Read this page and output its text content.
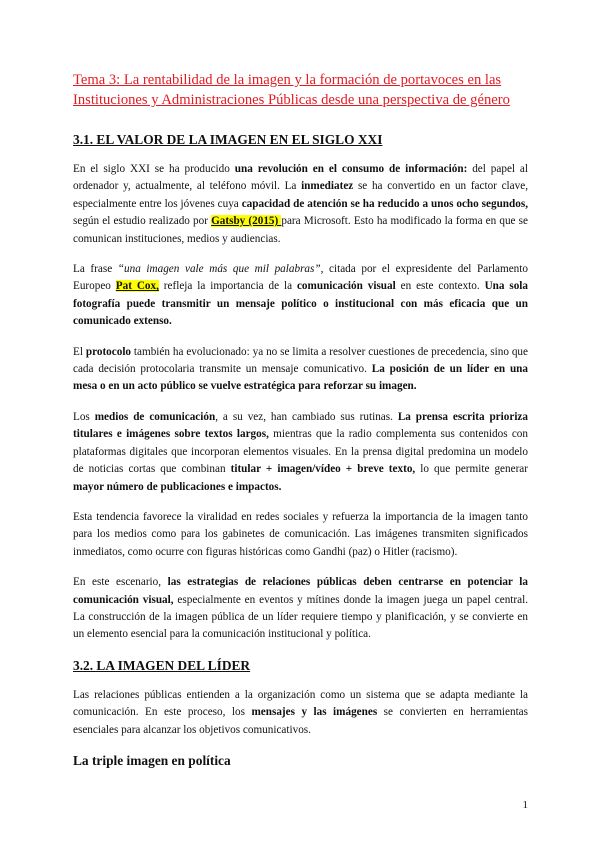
Tema 3: La rentabilidad de la imagen y la formación de portavoces en las Instituciones y Administraciones Públicas desde una perspectiva de género
3.1. EL VALOR DE LA IMAGEN EN EL SIGLO XXI

En el siglo XXI se ha producido una revolución en el consumo de información: del papel al ordenador y, actualmente, al teléfono móvil. La inmediatez se ha convertido en un factor clave, especialmente entre los jóvenes cuya capacidad de atención se ha reducido a unos ocho segundos, según el estudio realizado por Gatsby (2015) para Microsoft. Esto ha modificado la forma en que se comunican instituciones, medios y audiencias.

La frase “una imagen vale más que mil palabras”, citada por el expresidente del Parlamento Europeo Pat Cox, refleja la importancia de la comunicación visual en este contexto. Una sola fotografía puede transmitir un mensaje político o institucional con más eficacia que un comunicado extenso.

El protocolo también ha evolucionado: ya no se limita a resolver cuestiones de precedencia, sino que cada decisión protocolaria transmite un mensaje comunicativo. La posición de un líder en una mesa o en un acto público se vuelve estratégica para reforzar su imagen.

Los medios de comunicación, a su vez, han cambiado sus rutinas. La prensa escrita prioriza titulares e imágenes sobre textos largos, mientras que la radio complementa sus contenidos con plataformas digitales que incorporan elementos visuales. En la prensa digital predomina un modelo de noticias cortas que combinan titular + imagen/vídeo + breve texto, lo que permite generar mayor número de publicaciones e impactos.

Esta tendencia favorece la viralidad en redes sociales y refuerza la importancia de la imagen tanto para los medios como para los gabinetes de comunicación. Las imágenes transmiten significados inmediatos, como ocurre con figuras históricas como Gandhi (paz) o Hitler (racismo).

En este escenario, las estrategias de relaciones públicas deben centrarse en potenciar la comunicación visual, especialmente en eventos y mítines donde la imagen juega un papel central. La construcción de la imagen pública de un líder requiere tiempo y planificación, y se convierte en un elemento esencial para la comunicación institucional y política.

3.2. LA IMAGEN DEL LÍDER

Las relaciones públicas entienden a la organización como un sistema que se adapta mediante la comunicación. En este proceso, los mensajes y las imágenes se convierten en herramientas esenciales para alcanzar los objetivos comunicativos.

La triple imagen en política
1
